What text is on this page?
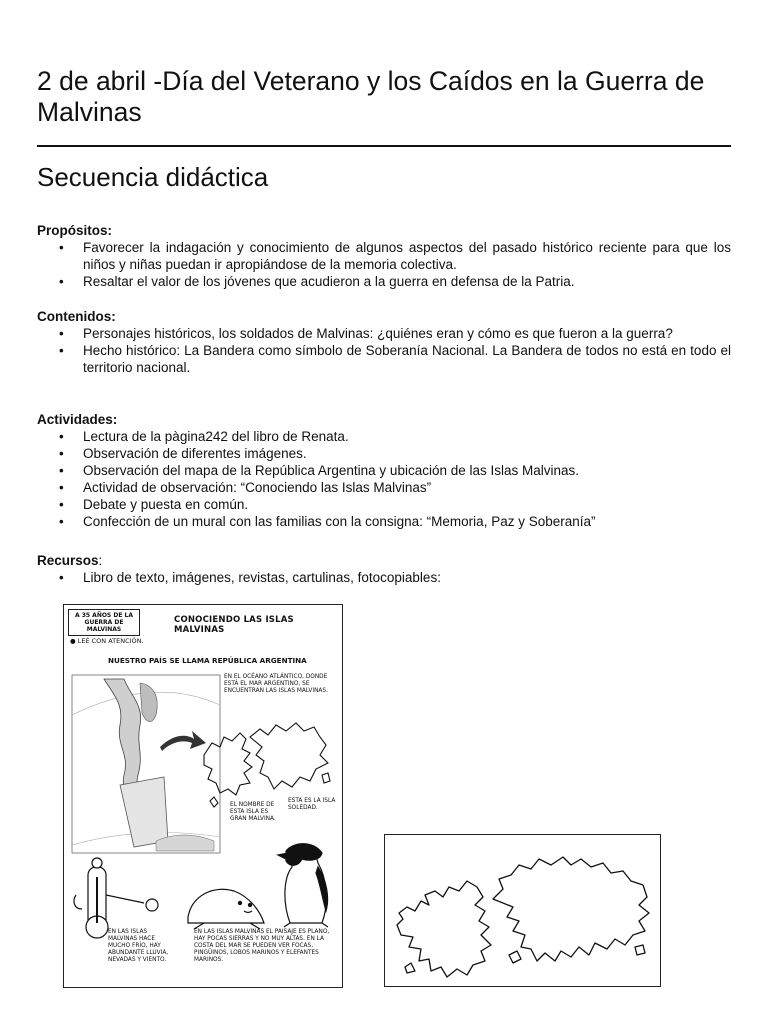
2 de abril -Día del Veterano y los Caídos en la Guerra de Malvinas
Secuencia didáctica
Propósitos:
• Favorecer la indagación y conocimiento de algunos aspectos del pasado histórico reciente para que los niños y niñas puedan ir apropiándose de la memoria colectiva.
• Resaltar el valor de los jóvenes que acudieron a la guerra en defensa de la Patria.
Contenidos:
• Personajes históricos, los soldados de Malvinas: ¿quiénes eran y cómo es que fueron a la guerra?
• Hecho histórico: La Bandera como símbolo de Soberanía Nacional. La Bandera de todos no está en todo el territorio nacional.
Actividades:
• Lectura de la pàgina242 del libro de Renata.
• Observación de diferentes imágenes.
• Observación del mapa de la República Argentina y ubicación de las Islas Malvinas.
• Actividad de observación: “Conociendo las Islas Malvinas”
• Debate y puesta en común.
• Confección de un mural con las familias con la consigna: “Memoria, Paz y Soberanía”
Recursos:
• Libro de texto, imágenes, revistas, cartulinas, fotocopiables:
A 35 AÑOS DE LA GUERRA DE MALVINAS
CONOCIENDO LAS ISLAS MALVINAS
● LEÉ CON ATENCIÓN.
NUESTRO PAÍS SE LLAMA REPÚBLICA ARGENTINA
EN EL OCÉANO ATLÁNTICO, DONDE ESTÁ EL MAR ARGENTINO, SE ENCUENTRAN LAS ISLAS MALVINAS.
EL NOMBRE DE ESTA ISLA ES GRAN MALVINA.
ESTA ES LA ISLA SOLEDAD.
EN LAS ISLAS MALVINAS HACE MUCHO FRÍO, HAY ABUNDANTE LLUVIA, NEVADAS Y VIENTO.
EN LAS ISLAS MALVINAS EL PAISAJE ES PLANO, HAY POCAS SIERRAS Y NO MUY ALTAS. EN LA COSTA DEL MAR SE PUEDEN VER FOCAS, PINGÜINOS, LOBOS MARINOS Y ELEFANTES MARINOS.
